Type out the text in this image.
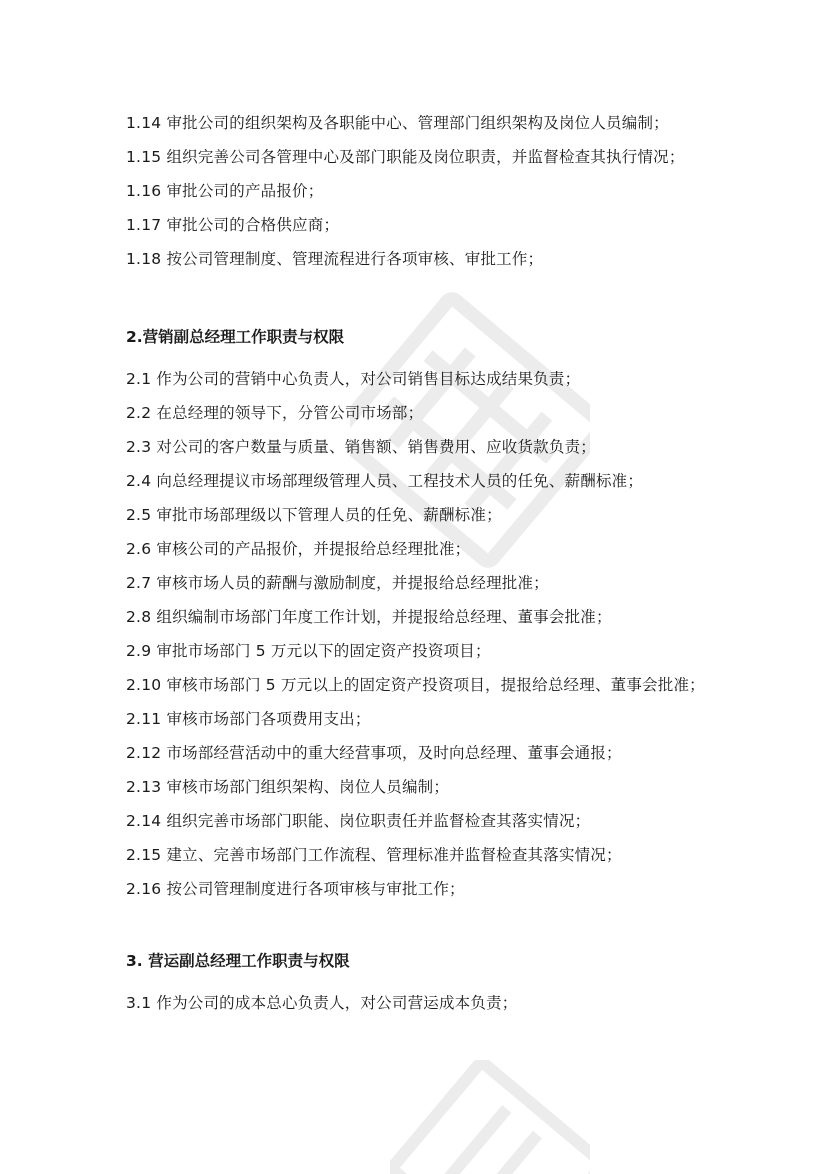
1.14 审批公司的组织架构及各职能中心、管理部门组织架构及岗位人员编制；
1.15 组织完善公司各管理中心及部门职能及岗位职责，并监督检查其执行情况；
1.16 审批公司的产品报价；
1.17 审批公司的合格供应商；
1.18 按公司管理制度、管理流程进行各项审核、审批工作；
2.营销副总经理工作职责与权限
2.1 作为公司的营销中心负责人，对公司销售目标达成结果负责；
2.2 在总经理的领导下，分管公司市场部；
2.3 对公司的客户数量与质量、销售额、销售费用、应收货款负责；
2.4 向总经理提议市场部理级管理人员、工程技术人员的任免、薪酬标准；
2.5 审批市场部理级以下管理人员的任免、薪酬标准；
2.6 审核公司的产品报价，并提报给总经理批准；
2.7 审核市场人员的薪酬与激励制度，并提报给总经理批准；
2.8 组织编制市场部门年度工作计划，并提报给总经理、董事会批准；
2.9 审批市场部门 5 万元以下的固定资产投资项目；
2.10 审核市场部门 5 万元以上的固定资产投资项目，提报给总经理、董事会批准；
2.11 审核市场部门各项费用支出；
2.12 市场部经营活动中的重大经营事项，及时向总经理、董事会通报；
2.13 审核市场部门组织架构、岗位人员编制；
2.14 组织完善市场部门职能、岗位职责任并监督检查其落实情况；
2.15 建立、完善市场部门工作流程、管理标准并监督检查其落实情况；
2.16 按公司管理制度进行各项审核与审批工作；
3. 营运副总经理工作职责与权限
3.1 作为公司的成本总心负责人，对公司营运成本负责；
